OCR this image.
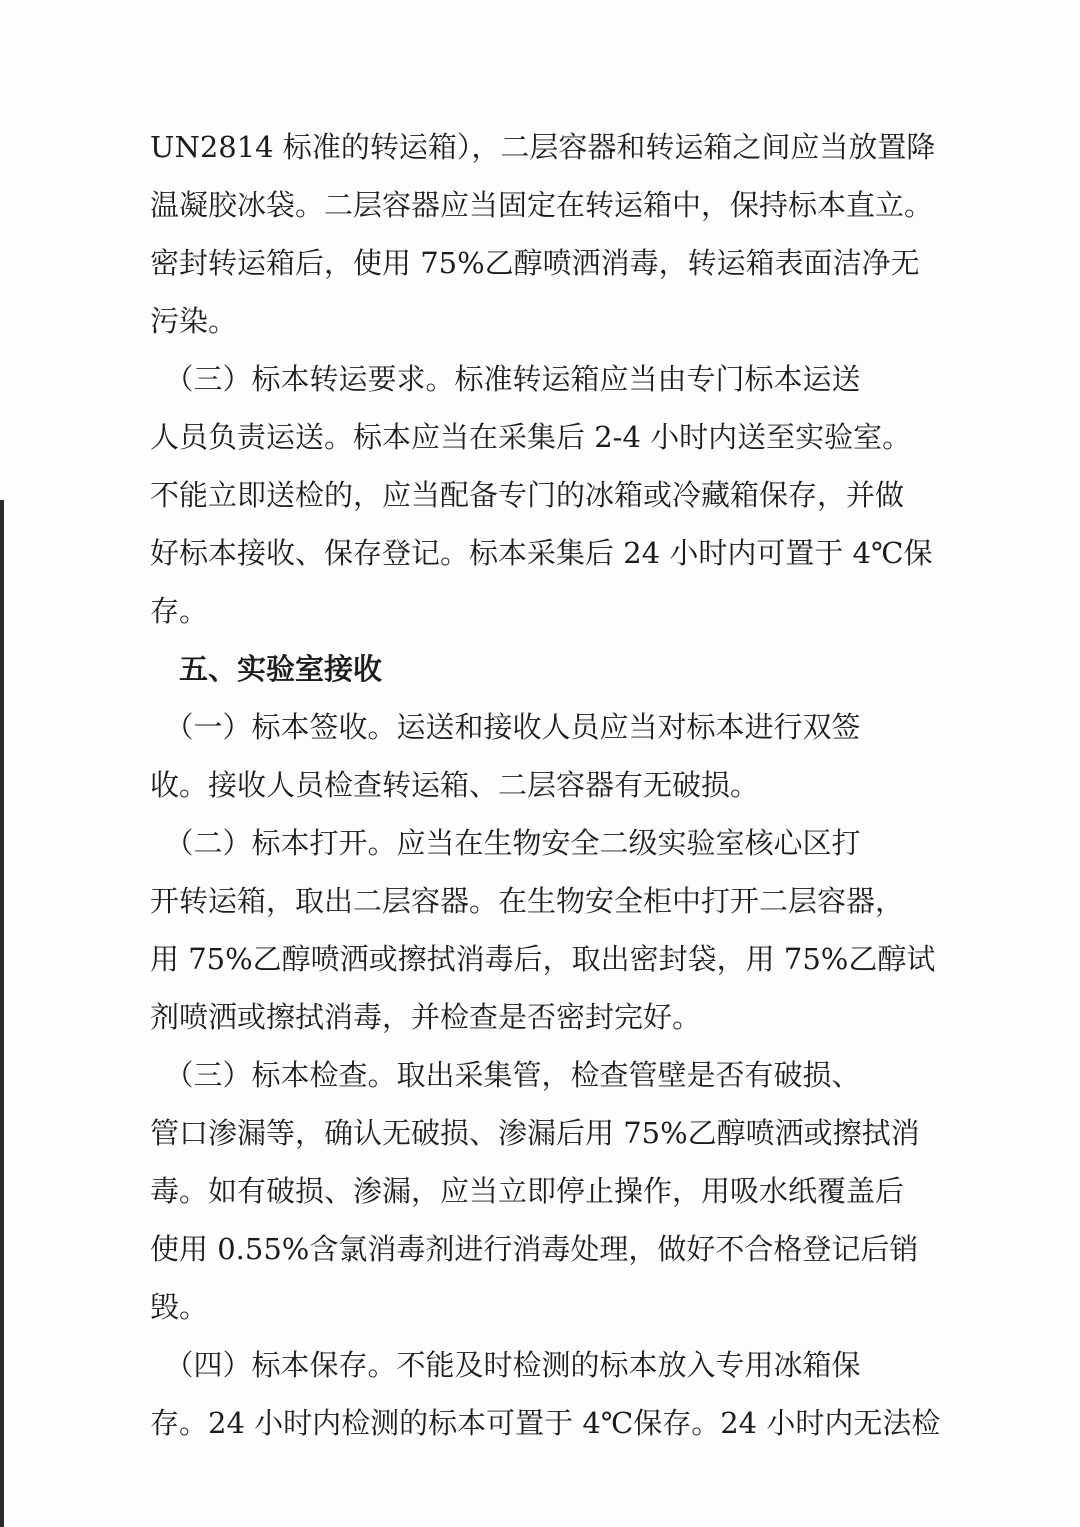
UN2814 标准的转运箱），二层容器和转运箱之间应当放置降
温凝胶冰袋。二层容器应当固定在转运箱中，保持标本直立。
密封转运箱后，使用 75%乙醇喷洒消毒，转运箱表面洁净无
污染。
　（三）标本转运要求。标准转运箱应当由专门标本运送
人员负责运送。标本应当在采集后 2-4 小时内送至实验室。
不能立即送检的，应当配备专门的冰箱或冷藏箱保存，并做
好标本接收、保存登记。标本采集后 24 小时内可置于 4℃保
存。
　五、实验室接收
　（一）标本签收。运送和接收人员应当对标本进行双签
收。接收人员检查转运箱、二层容器有无破损。
　（二）标本打开。应当在生物安全二级实验室核心区打
开转运箱，取出二层容器。在生物安全柜中打开二层容器，
用 75%乙醇喷洒或擦拭消毒后，取出密封袋，用 75%乙醇试
剂喷洒或擦拭消毒，并检查是否密封完好。
　（三）标本检查。取出采集管，检查管壁是否有破损、
管口渗漏等，确认无破损、渗漏后用 75%乙醇喷洒或擦拭消
毒。如有破损、渗漏，应当立即停止操作，用吸水纸覆盖后
使用 0.55%含氯消毒剂进行消毒处理，做好不合格登记后销
毁。
　（四）标本保存。不能及时检测的标本放入专用冰箱保
存。24 小时内检测的标本可置于 4℃保存。24 小时内无法检
